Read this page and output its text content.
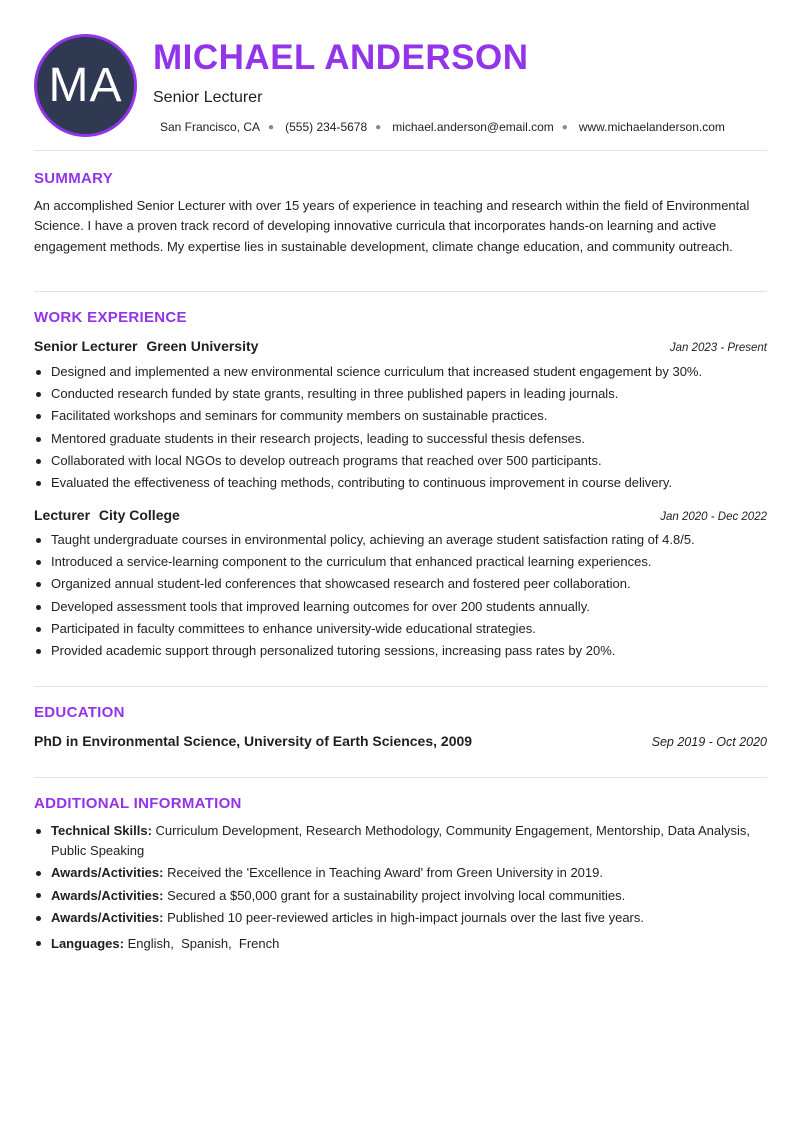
MA
MICHAEL ANDERSON
Senior Lecturer
San Francisco, CA ● (555) 234-5678 ● michael.anderson@email.com ● www.michaelanderson.com
SUMMARY
An accomplished Senior Lecturer with over 15 years of experience in teaching and research within the field of Environmental Science. I have a proven track record of developing innovative curricula that incorporates hands-on learning and active engagement methods. My expertise lies in sustainable development, climate change education, and community outreach.
WORK EXPERIENCE
Senior Lecturer Green University	Jan 2023 - Present
Designed and implemented a new environmental science curriculum that increased student engagement by 30%.
Conducted research funded by state grants, resulting in three published papers in leading journals.
Facilitated workshops and seminars for community members on sustainable practices.
Mentored graduate students in their research projects, leading to successful thesis defenses.
Collaborated with local NGOs to develop outreach programs that reached over 500 participants.
Evaluated the effectiveness of teaching methods, contributing to continuous improvement in course delivery.
Lecturer City College	Jan 2020 - Dec 2022
Taught undergraduate courses in environmental policy, achieving an average student satisfaction rating of 4.8/5.
Introduced a service-learning component to the curriculum that enhanced practical learning experiences.
Organized annual student-led conferences that showcased research and fostered peer collaboration.
Developed assessment tools that improved learning outcomes for over 200 students annually.
Participated in faculty committees to enhance university-wide educational strategies.
Provided academic support through personalized tutoring sessions, increasing pass rates by 20%.
EDUCATION
PhD in Environmental Science, University of Earth Sciences, 2009	Sep 2019 - Oct 2020
ADDITIONAL INFORMATION
Technical Skills: Curriculum Development, Research Methodology, Community Engagement, Mentorship, Data Analysis, Public Speaking
Awards/Activities: Received the 'Excellence in Teaching Award' from Green University in 2019.
Awards/Activities: Secured a $50,000 grant for a sustainability project involving local communities.
Awards/Activities: Published 10 peer-reviewed articles in high-impact journals over the last five years.
Languages: English,  Spanish,  French
